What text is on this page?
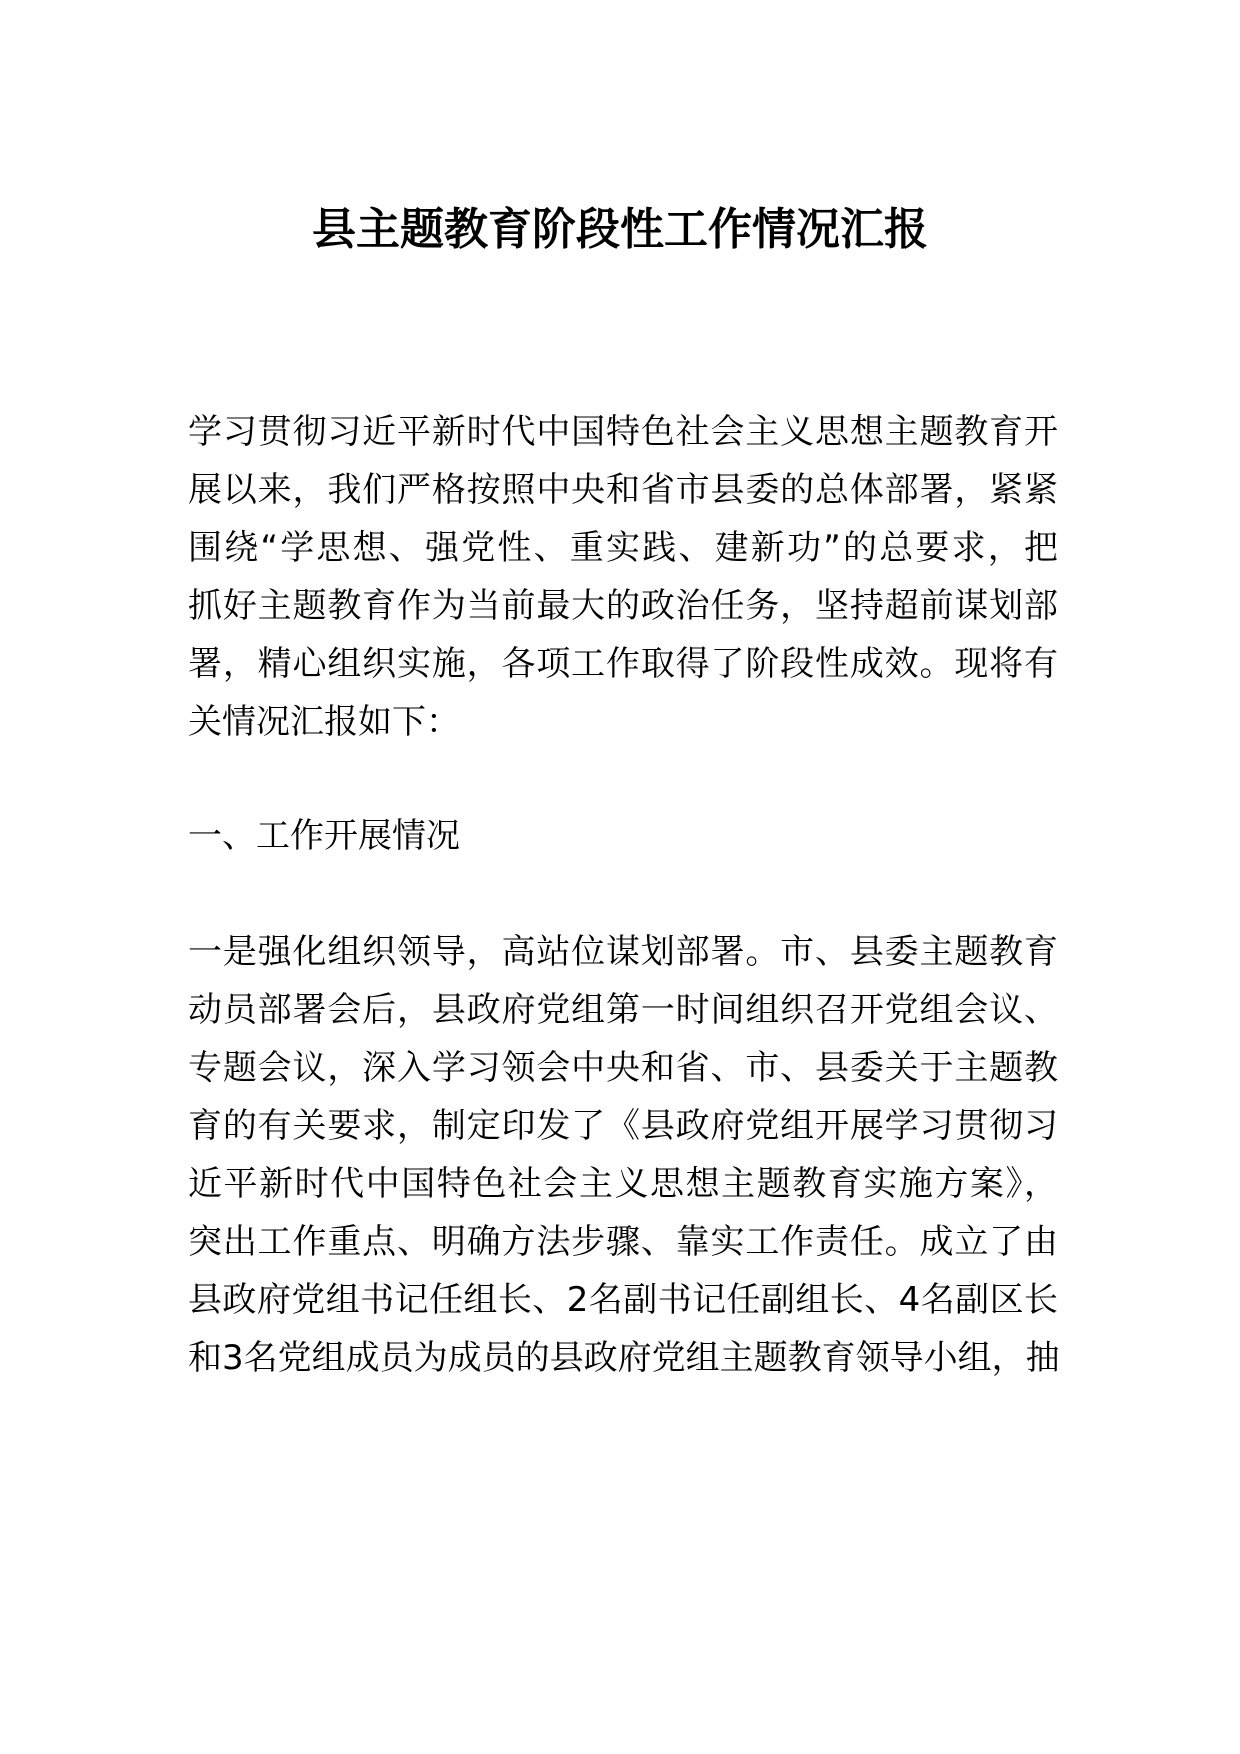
县主题教育阶段性工作情况汇报
学习贯彻习近平新时代中国特色社会主义思想主题教育开
展以来，我们严格按照中央和省市县委的总体部署，紧紧
围绕“学思想、强党性、重实践、建新功”的总要求，把
抓好主题教育作为当前最大的政治任务，坚持超前谋划部
署，精心组织实施，各项工作取得了阶段性成效。现将有
关情况汇报如下：
一、工作开展情况
一是强化组织领导，高站位谋划部署。市、县委主题教育
动员部署会后，县政府党组第一时间组织召开党组会议、
专题会议，深入学习领会中央和省、市、县委关于主题教
育的有关要求，制定印发了《县政府党组开展学习贯彻习
近平新时代中国特色社会主义思想主题教育实施方案》，
突出工作重点、明确方法步骤、靠实工作责任。成立了由
县政府党组书记任组长、2名副书记任副组长、4名副区长
和3名党组成员为成员的县政府党组主题教育领导小组，抽
